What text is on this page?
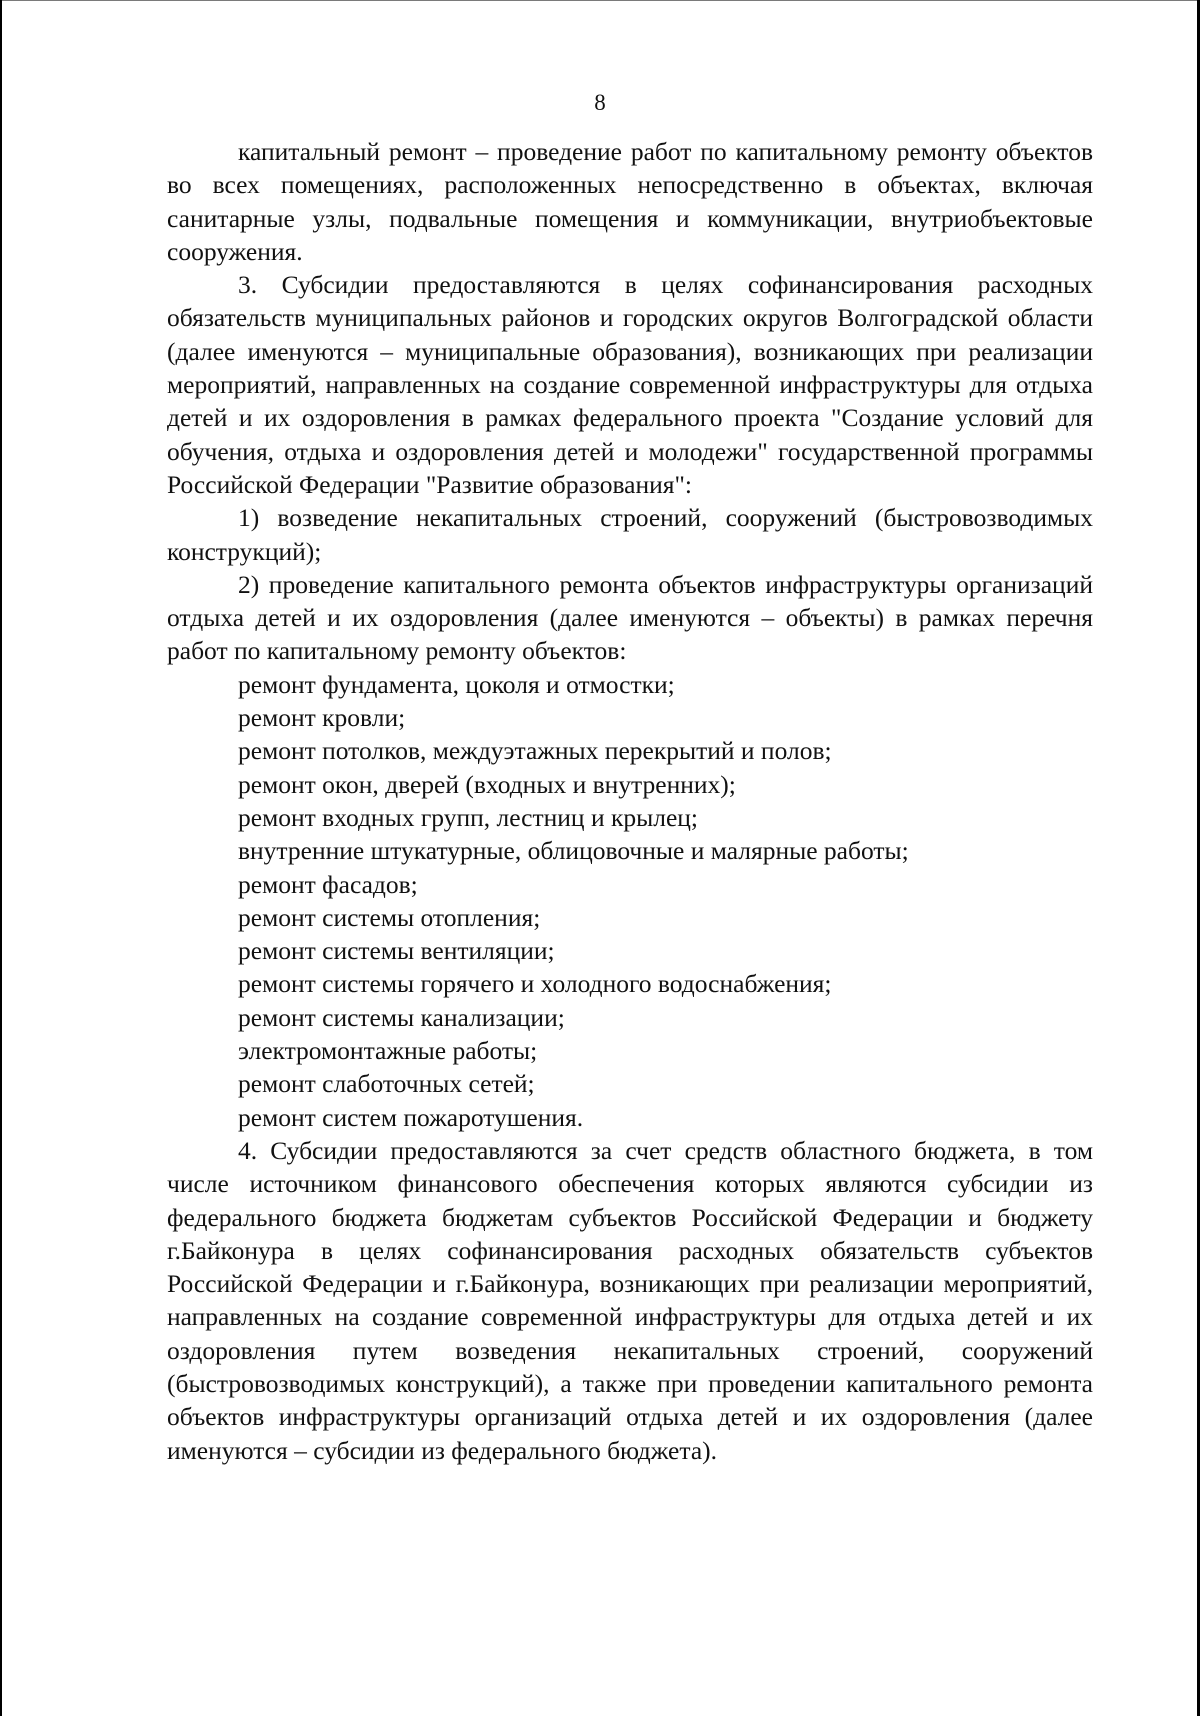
8

капитальный ремонт – проведение работ по капитальному ремонту объектов во всех помещениях, расположенных непосредственно в объектах, включая санитарные узлы, подвальные помещения и коммуникации, внутриобъектовые сооружения.

3. Субсидии предоставляются в целях софинансирования расходных обязательств муниципальных районов и городских округов Волгоградской области (далее именуются – муниципальные образования), возникающих при реализации мероприятий, направленных на создание современной инфраструктуры для отдыха детей и их оздоровления в рамках федерального проекта "Создание условий для обучения, отдыха и оздоровления детей и молодежи" государственной программы Российской Федерации "Развитие образования":

1) возведение некапитальных строений, сооружений (быстровозводимых конструкций);

2) проведение капитального ремонта объектов инфраструктуры организаций отдыха детей и их оздоровления (далее именуются – объекты) в рамках перечня работ по капитальному ремонту объектов:

ремонт фундамента, цоколя и отмостки;

ремонт кровли;

ремонт потолков, междуэтажных перекрытий и полов;

ремонт окон, дверей (входных и внутренних);

ремонт входных групп, лестниц и крылец;

внутренние штукатурные, облицовочные и малярные работы;

ремонт фасадов;

ремонт системы отопления;

ремонт системы вентиляции;

ремонт системы горячего и холодного водоснабжения;

ремонт системы канализации;

электромонтажные работы;

ремонт слаботочных сетей;

ремонт систем пожаротушения.

4. Субсидии предоставляются за счет средств областного бюджета, в том числе источником финансового обеспечения которых являются субсидии из федерального бюджета бюджетам субъектов Российской Федерации и бюджету г.Байконура в целях софинансирования расходных обязательств субъектов Российской Федерации и г.Байконура, возникающих при реализации мероприятий, направленных на создание современной инфраструктуры для отдыха детей и их оздоровления путем возведения некапитальных строений, сооружений (быстровозводимых конструкций), а также при проведении капитального ремонта объектов инфраструктуры организаций отдыха детей и их оздоровления (далее именуются – субсидии из федерального бюджета).
